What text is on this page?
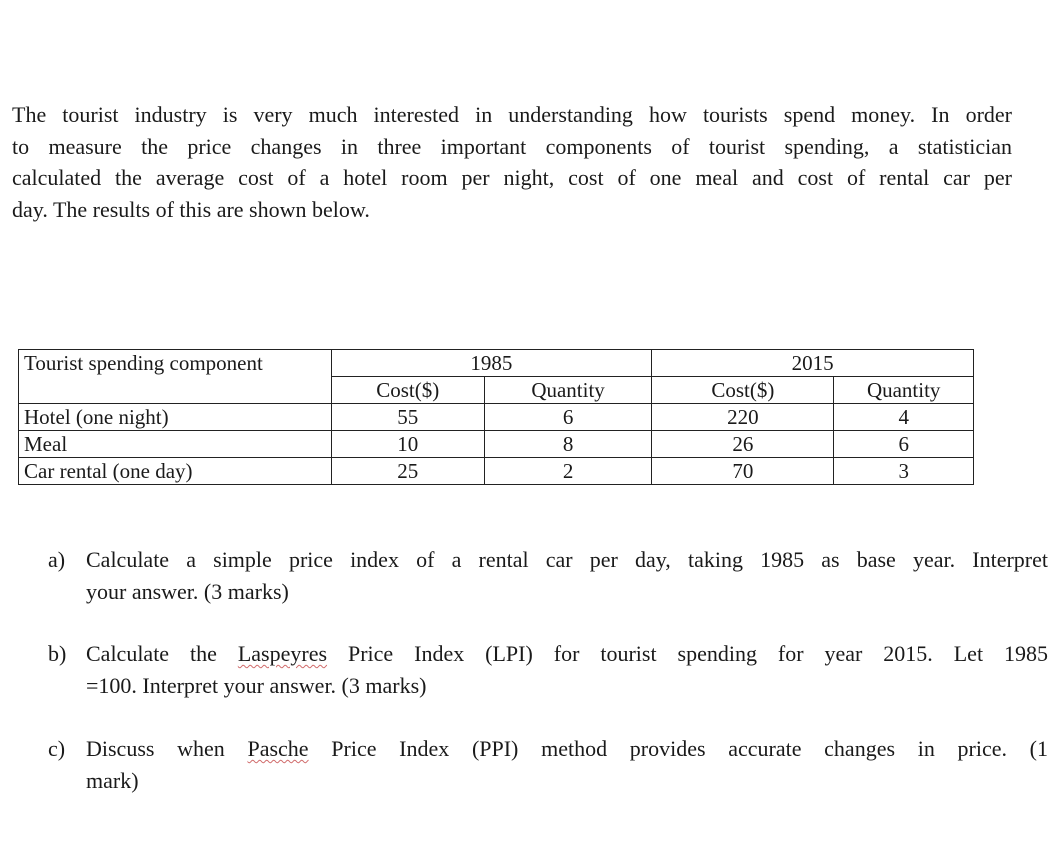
The tourist industry is very much interested in understanding how tourists spend money. In order
to measure the price changes in three important components of tourist spending, a statistician
calculated the average cost of a hotel room per night, cost of one meal and cost of rental car per
day. The results of this are shown below.

Tourist spending component	1985		2015	
	Cost($)	Quantity	Cost($)	Quantity
Hotel (one night)	55	6	220	4
Meal	10	8	26	6
Car rental (one day)	25	2	70	3
a) Calculate a simple price index of a rental car per day, taking 1985 as base year. Interpret
your answer. (3 marks)
b) Calculate the Laspeyres Price Index (LPI) for tourist spending for year 2015. Let 1985
=100. Interpret your answer. (3 marks)
c) Discuss when Pasche Price Index (PPI) method provides accurate changes in price. (1
mark)
